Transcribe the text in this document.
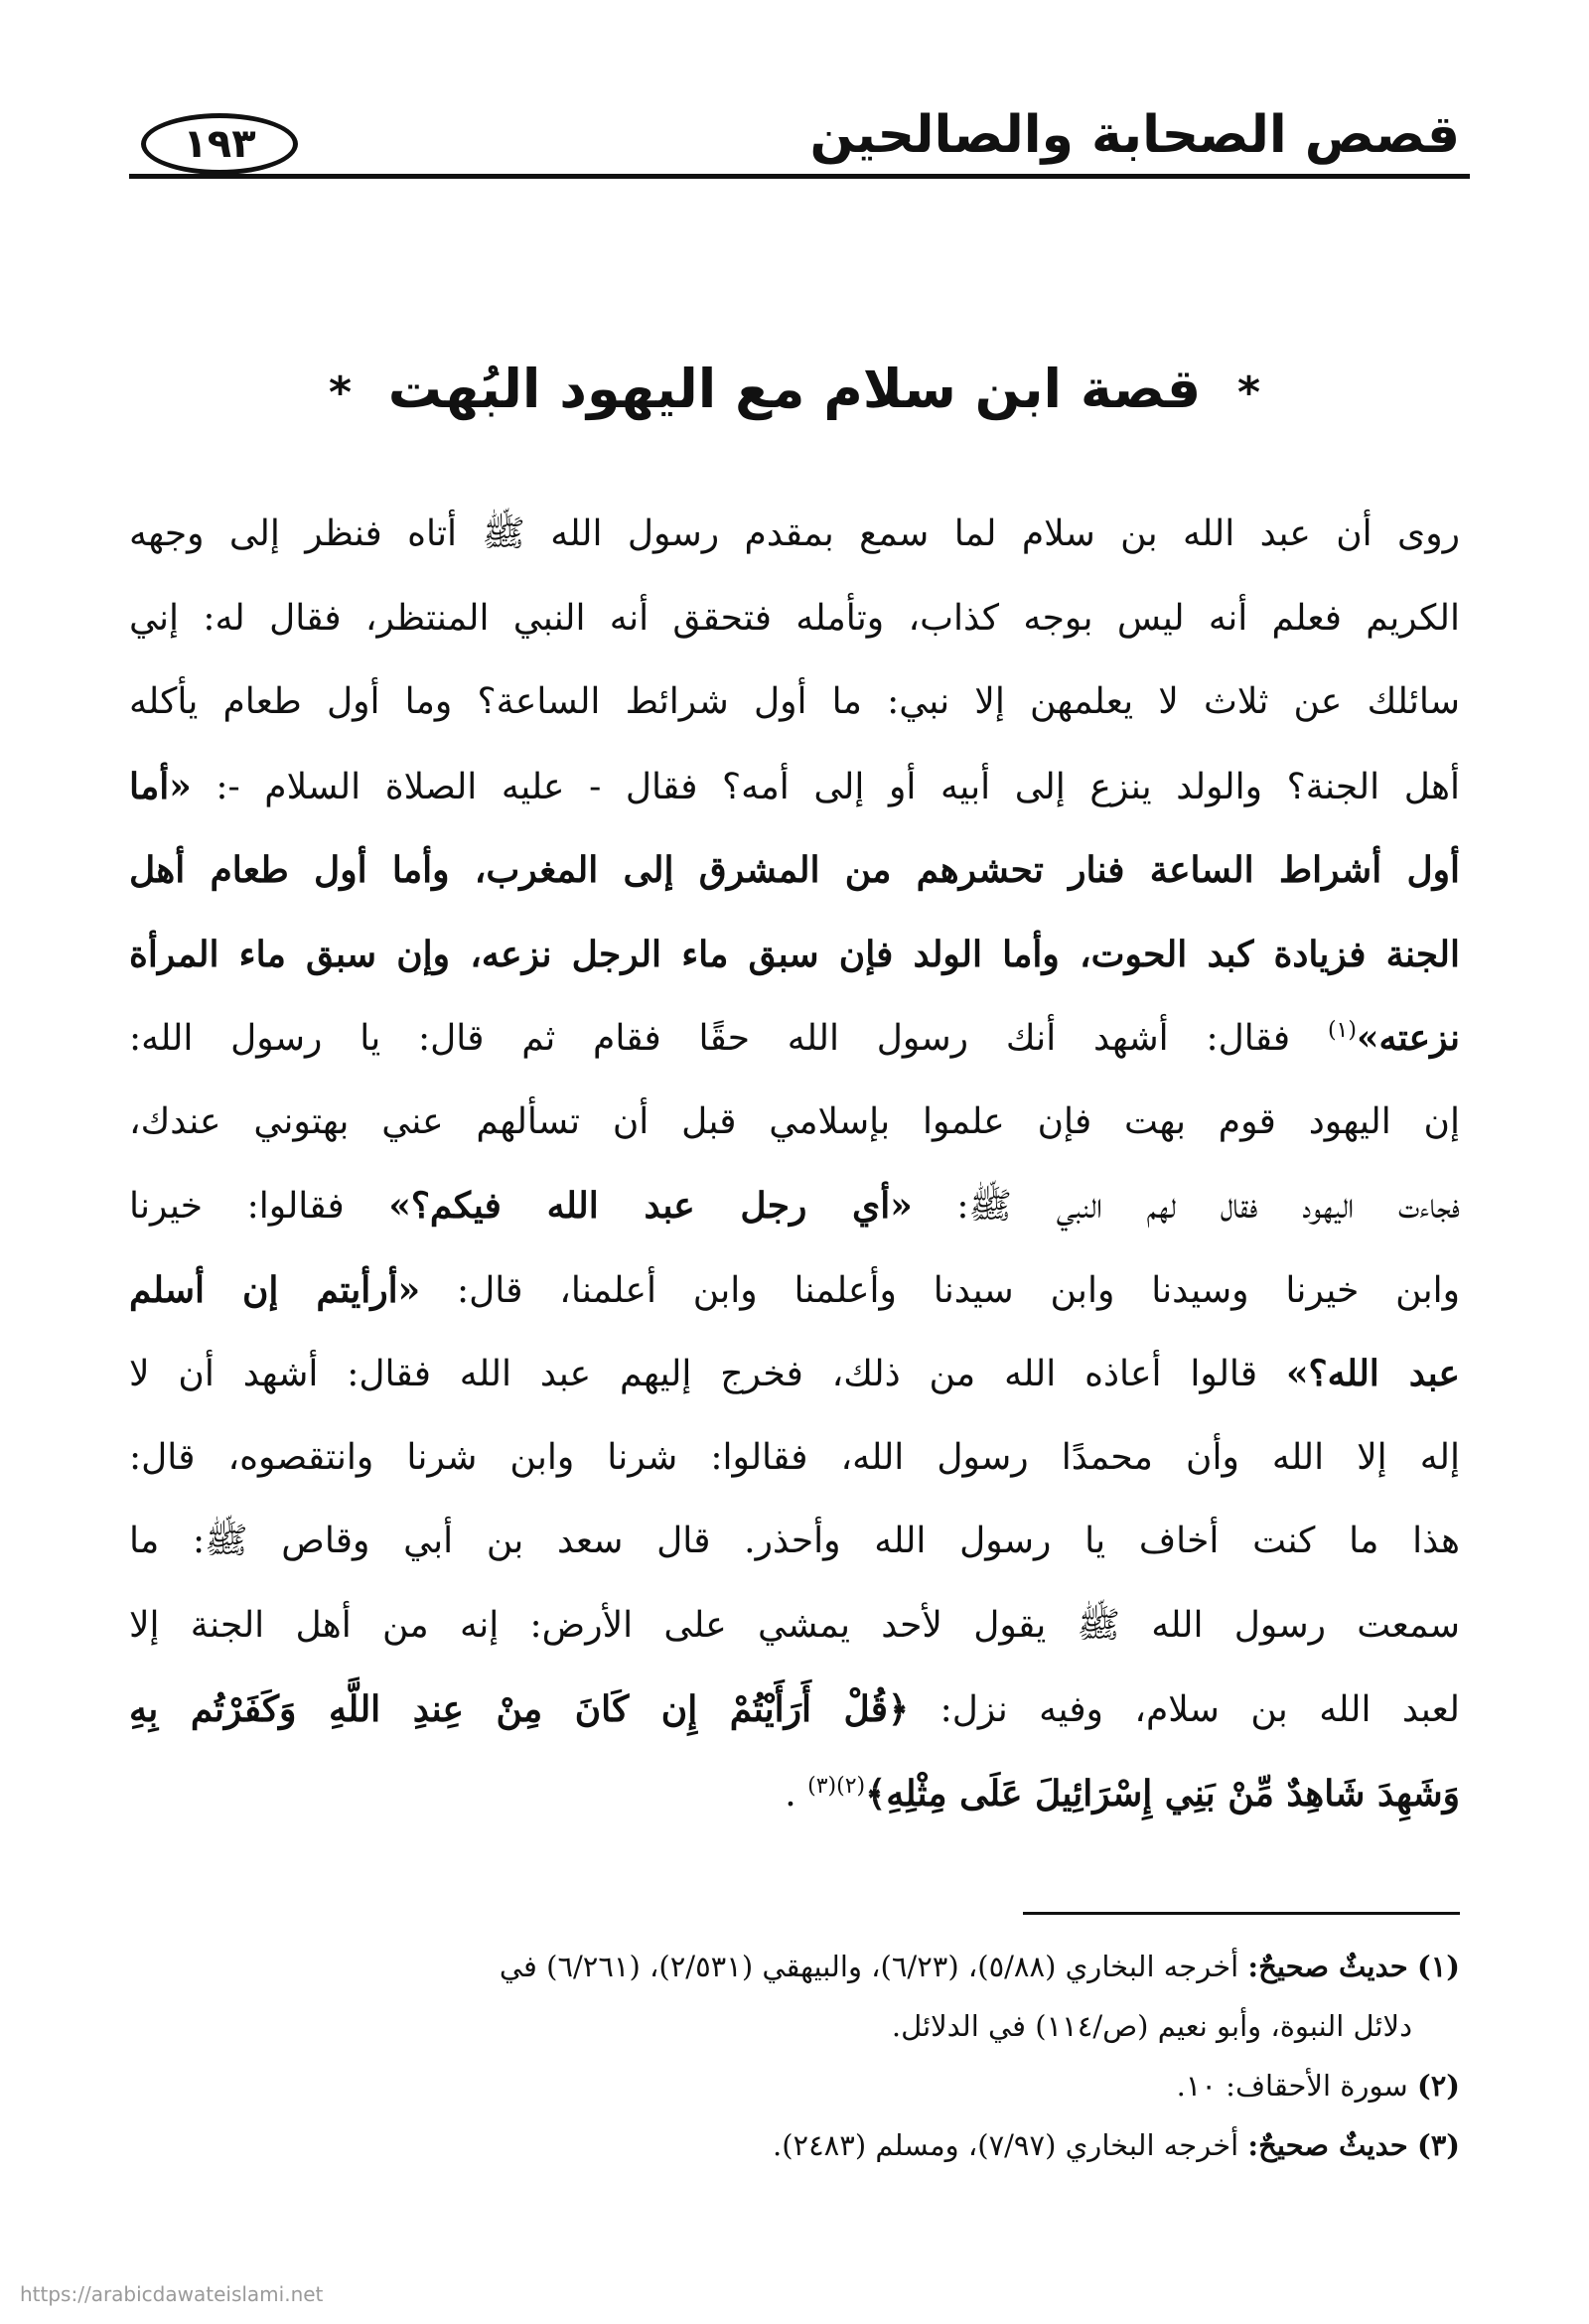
قصص الصحابة والصالحين
١٩٣
* قصة ابن سلام مع اليهود البُهت *
روى أن عبد الله بن سلام لما سمع بمقدم رسول الله ﷺ أتاه فنظر إلى وجهه
الكريم فعلم أنه ليس بوجه كذاب، وتأمله فتحقق أنه النبي المنتظر، فقال له: إني
سائلك عن ثلاث لا يعلمهن إلا نبي: ما أول شرائط الساعة؟ وما أول طعام يأكله
أهل الجنة؟ والولد ينزع إلى أبيه أو إلى أمه؟ فقال - عليه الصلاة السلام -: «أما
أول أشراط الساعة فنار تحشرهم من المشرق إلى المغرب، وأما أول طعام أهل
الجنة فزيادة كبد الحوت، وأما الولد فإن سبق ماء الرجل نزعه، وإن سبق ماء المرأة
نزعته»$^{(١)}$ فقال: أشهد أنك رسول الله حقًا فقام ثم قال: يا رسول الله:
إن اليهود قوم بهت فإن علموا بإسلامي قبل أن تسألهم عني بهتوني عندك،
فجاءت اليهود فقال لهم النبي ﷺ: «أي رجل عبد الله فيكم؟» فقالوا: خيرنا
وابن خيرنا وسيدنا وابن سيدنا وأعلمنا وابن أعلمنا، قال: «أرأيتم إن أسلم
عبد الله؟» قالوا أعاذه الله من ذلك، فخرج إليهم عبد الله فقال: أشهد أن لا
إله إلا الله وأن محمدًا رسول الله، فقالوا: شرنا وابن شرنا وانتقصوه، قال:
هذا ما كنت أخاف يا رسول الله وأحذر. قال سعد بن أبي وقاص ﷺ: ما
سمعت رسول الله ﷺ يقول لأحد يمشي على الأرض: إنه من أهل الجنة إلا
لعبد الله بن سلام، وفيه نزل: ﴿قُلْ أَرَأَيْتُمْ إِن كَانَ مِنْ عِندِ اللَّهِ وَكَفَرْتُم بِهِ
وَشَهِدَ شَاهِدٌ مِّنْ بَنِي إِسْرَائِيلَ عَلَى مِثْلِهِ﴾$^{(٢)(٣)}$ .
(١) حديثٌ صحيحٌ: أخرجه البخاري (٥/٨٨)، (٦/٢٣)، والبيهقي (٢/٥٣١)، (٦/٢٦١) في
دلائل النبوة، وأبو نعيم (ص/١١٤) في الدلائل.
(٢) سورة الأحقاف: ١٠.
(٣) حديثٌ صحيحٌ: أخرجه البخاري (٧/٩٧)، ومسلم (٢٤٨٣).
https://arabicdawateislami.net
